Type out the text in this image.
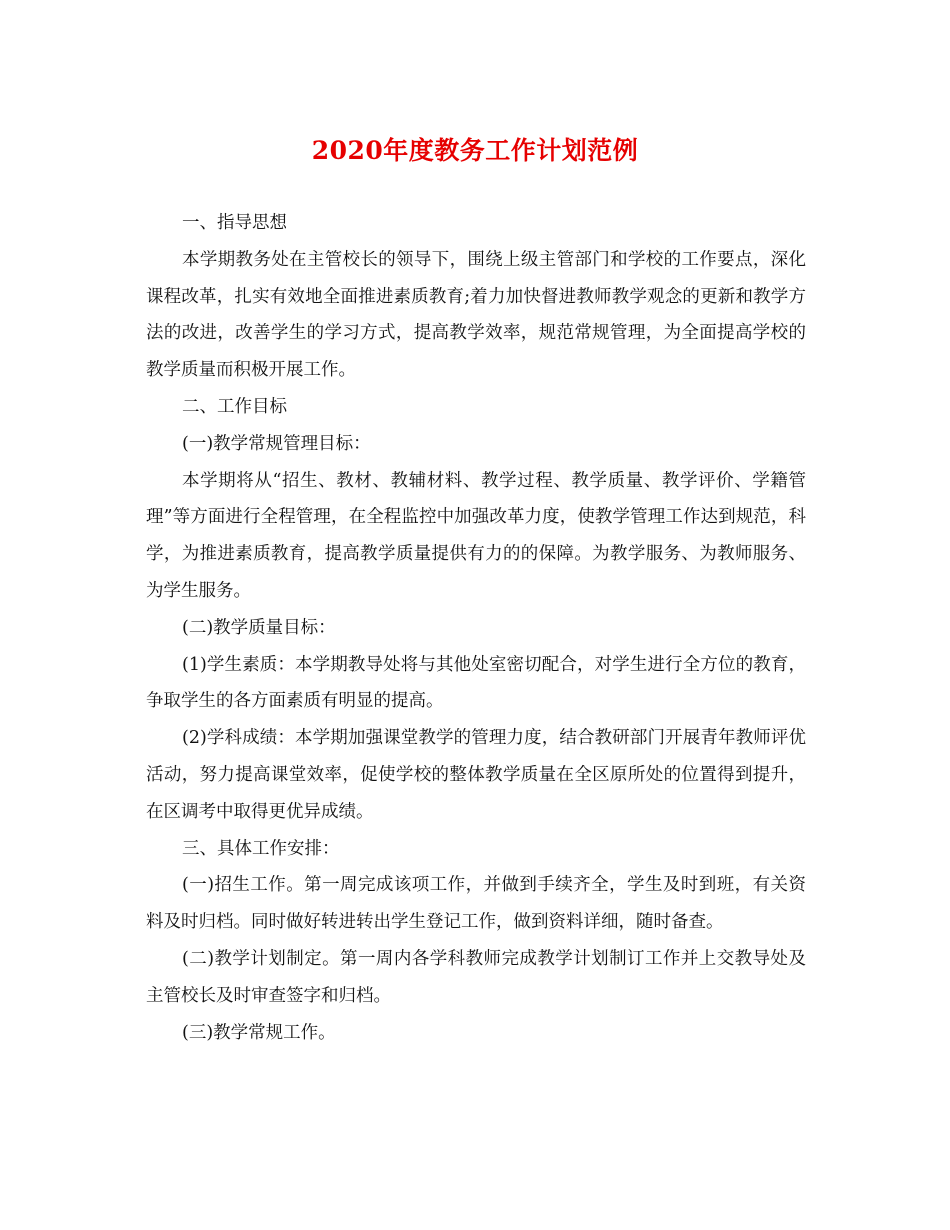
2020年度教务工作计划范例

一、指导思想

本学期教务处在主管校长的领导下，围绕上级主管部门和学校的工作要点，深化课程改革，扎实有效地全面推进素质教育;着力加快督进教师教学观念的更新和教学方法的改进，改善学生的学习方式，提高教学效率，规范常规管理，为全面提高学校的教学质量而积极开展工作。

二、工作目标

(一)教学常规管理目标：

本学期将从“招生、教材、教辅材料、教学过程、教学质量、教学评价、学籍管理”等方面进行全程管理，在全程监控中加强改革力度，使教学管理工作达到规范，科学，为推进素质教育，提高教学质量提供有力的的保障。为教学服务、为教师服务、为学生服务。

(二)教学质量目标：

(1)学生素质：本学期教导处将与其他处室密切配合，对学生进行全方位的教育，争取学生的各方面素质有明显的提高。

(2)学科成绩：本学期加强课堂教学的管理力度，结合教研部门开展青年教师评优活动，努力提高课堂效率，促使学校的整体教学质量在全区原所处的位置得到提升，在区调考中取得更优异成绩。

三、具体工作安排：

(一)招生工作。第一周完成该项工作，并做到手续齐全，学生及时到班，有关资料及时归档。同时做好转进转出学生登记工作，做到资料详细，随时备查。

(二)教学计划制定。第一周内各学科教师完成教学计划制订工作并上交教导处及主管校长及时审查签字和归档。

(三)教学常规工作。
